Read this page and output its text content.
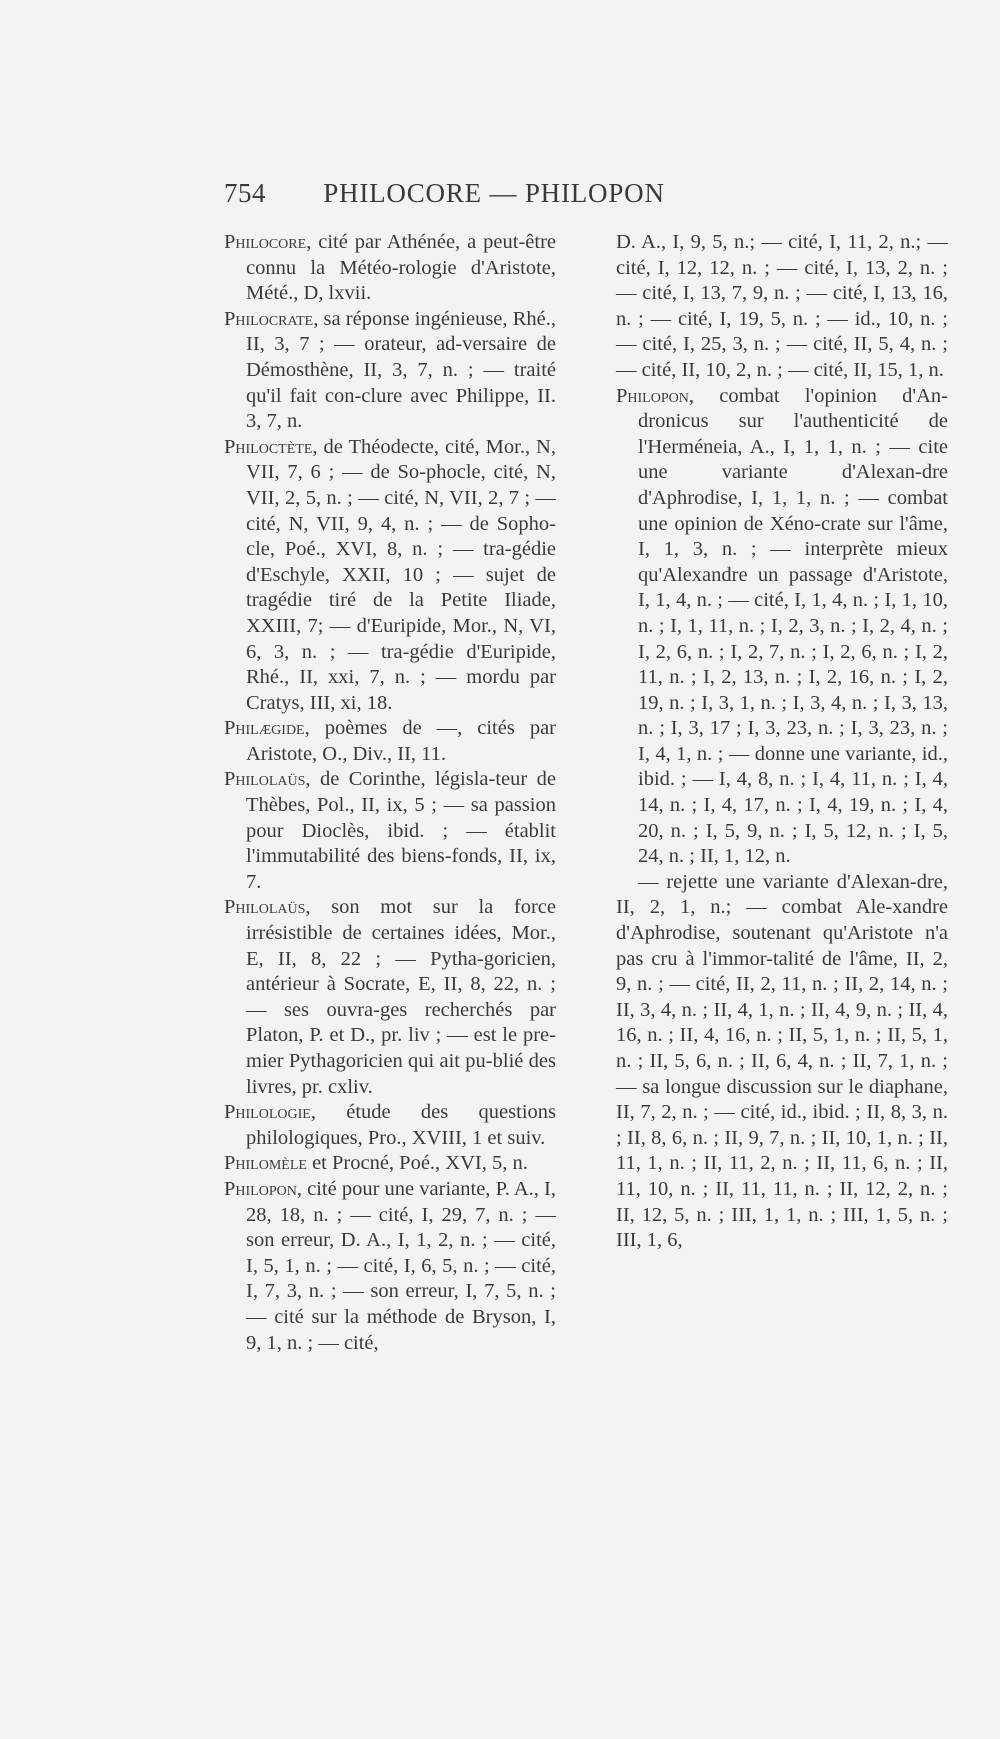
754	PHILOCORE — PHILOPON

Philocore, cité par Athénée, a peut-être connu la Météo-rologie d'Aristote, Mété., D, lxvii.

Philocrate, sa réponse ingénieuse, Rhé., II, 3, 7 ; — orateur, ad-versaire de Démosthène, II, 3, 7, n. ; — traité qu'il fait con-clure avec Philippe, II. 3, 7, n.

Philoctète, de Théodecte, cité, Mor., N, VII, 7, 6 ; — de So-phocle, cité, N, VII, 2, 5, n. ; — cité, N, VII, 2, 7 ; — cité, N, VII, 9, 4, n. ; — de Sopho-cle, Poé., XVI, 8, n. ; — tra-gédie d'Eschyle, XXII, 10 ; — sujet de tragédie tiré de la Petite Iliade, XXIII, 7; — d'Euripide, Mor., N, VI, 6, 3, n. ; — tra-gédie d'Euripide, Rhé., II, xxi, 7, n. ; — mordu par Cratys, III, xi, 18.

Philægide, poèmes de —, cités par Aristote, O., Div., II, 11.

Philolaüs, de Corinthe, législa-teur de Thèbes, Pol., II, ix, 5 ; — sa passion pour Dioclès, ibid. ; — établit l'immutabilité des biens-fonds, II, ix, 7.

Philolaüs, son mot sur la force irrésistible de certaines idées, Mor., E, II, 8, 22 ; — Pytha-goricien, antérieur à Socrate, E, II, 8, 22, n. ; — ses ouvra-ges recherchés par Platon, P. et D., pr. liv ; — est le pre-mier Pythagoricien qui ait pu-blié des livres, pr. cxliv.

Philologie, étude des questions philologiques, Pro., XVIII, 1 et suiv.

Philomèle et Procné, Poé., XVI, 5, n.

Philopon, cité pour une variante, P. A., I, 28, 18, n. ; — cité, I, 29, 7, n. ; — son erreur, D. A., I, 1, 2, n. ; — cité, I, 5, 1, n. ; — cité, I, 6, 5, n. ; — cité, I, 7, 3, n. ; — son erreur, I, 7, 5, n. ; — cité sur la méthode de Bryson, I, 9, 1, n. ; — cité,

D. A., I, 9, 5, n.; — cité, I, 11, 2, n.; — cité, I, 12, 12, n. ; — cité, I, 13, 2, n. ; — cité, I, 13, 7, 9, n. ; — cité, I, 13, 16, n. ; — cité, I, 19, 5, n. ; — id., 10, n. ; — cité, I, 25, 3, n. ; — cité, II, 5, 4, n. ; — cité, II, 10, 2, n. ; — cité, II, 15, 1, n.

Philopon, combat l'opinion d'An-dronicus sur l'authenticité de l'Herméneia, A., I, 1, 1, n. ; — cite une variante d'Alexan-dre d'Aphrodise, I, 1, 1, n. ; — combat une opinion de Xéno-crate sur l'âme, I, 1, 3, n. ; — interprète mieux qu'Alexandre un passage d'Aristote, I, 1, 4, n. ; — cité, I, 1, 4, n. ; I, 1, 10, n. ; I, 1, 11, n. ; I, 2, 3, n. ; I, 2, 4, n. ; I, 2, 6, n. ; I, 2, 7, n. ; I, 2, 6, n. ; I, 2, 11, n. ; I, 2, 13, n. ; I, 2, 16, n. ; I, 2, 19, n. ; I, 3, 1, n. ; I, 3, 4, n. ; I, 3, 13, n. ; I, 3, 17 ; I, 3, 23, n. ; I, 3, 23, n. ; I, 4, 1, n. ; — donne une variante, id., ibid. ; — I, 4, 8, n. ; I, 4, 11, n. ; I, 4, 14, n. ; I, 4, 17, n. ; I, 4, 19, n. ; I, 4, 20, n. ; I, 5, 9, n. ; I, 5, 12, n. ; I, 5, 24, n. ; II, 1, 12, n.

— rejette une variante d'Alexan-dre, II, 2, 1, n.; — combat Ale-xandre d'Aphrodise, soutenant qu'Aristote n'a pas cru à l'immor-talité de l'âme, II, 2, 9, n. ; — cité, II, 2, 11, n. ; II, 2, 14, n. ; II, 3, 4, n. ; II, 4, 1, n. ; II, 4, 9, n. ; II, 4, 16, n. ; II, 4, 16, n. ; II, 5, 1, n. ; II, 5, 1, n. ; II, 5, 6, n. ; II, 6, 4, n. ; II, 7, 1, n. ; — sa longue discussion sur le diaphane, II, 7, 2, n. ; — cité, id., ibid. ; II, 8, 3, n. ; II, 8, 6, n. ; II, 9, 7, n. ; II, 10, 1, n. ; II, 11, 1, n. ; II, 11, 2, n. ; II, 11, 6, n. ; II, 11, 10, n. ; II, 11, 11, n. ; II, 12, 2, n. ; II, 12, 5, n. ; III, 1, 1, n. ; III, 1, 5, n. ; III, 1, 6,
